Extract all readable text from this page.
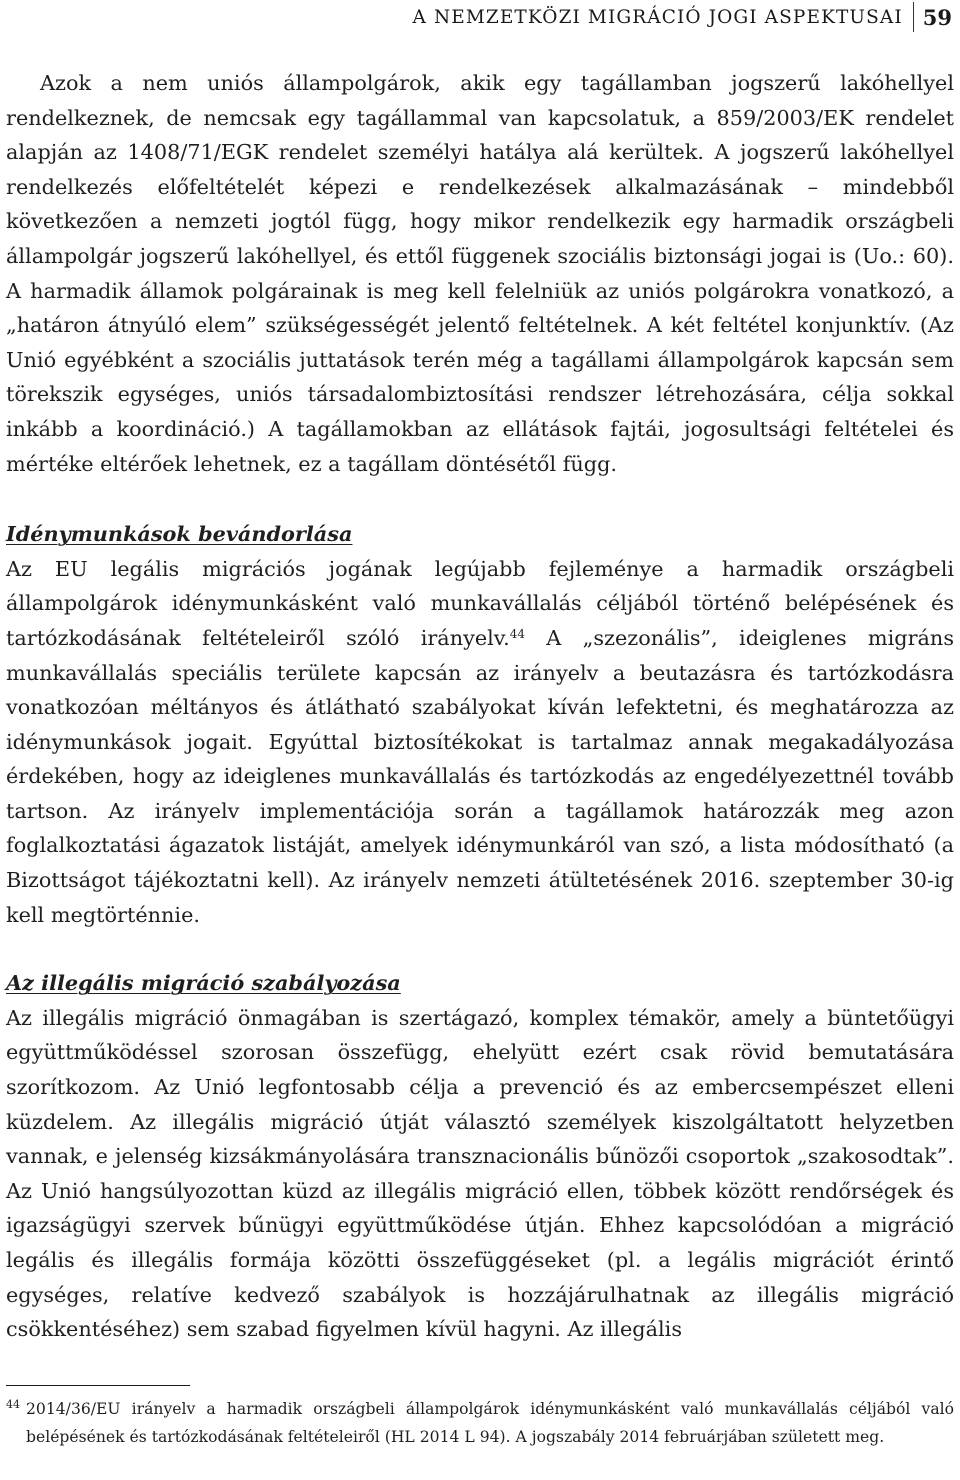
A NEMZETKÖZI MIGRÁCIÓ JOGI ASPEKTUSAI 59

Azok a nem uniós állampolgárok, akik egy tagállamban jogszerű lakóhellyel rendelkeznek, de nemcsak egy tagállammal van kapcsolatuk, a 859/2003/EK rendelet alapján az 1408/71/EGK rendelet személyi hatálya alá kerültek. A jogszerű lakóhellyel rendelkezés előfeltételét képezi e rendelkezések alkalmazásának – mindebből következően a nemzeti jogtól függ, hogy mikor rendelkezik egy harmadik országbeli állampolgár jogszerű lakóhellyel, és ettől függenek szociális biztonsági jogai is (Uo.: 60). A harmadik államok polgárainak is meg kell felelniük az uniós polgárokra vonatkozó, a „határon átnyúló elem” szükségességét jelentő feltételnek. A két feltétel konjunktív. (Az Unió egyébként a szociális juttatások terén még a tagállami állampolgárok kapcsán sem törekszik egységes, uniós társadalombiztosítási rendszer létrehozására, célja sokkal inkább a koordináció.) A tagállamokban az ellátások fajtái, jogosultsági feltételei és mértéke eltérőek lehetnek, ez a tagállam döntésétől függ.

Idénymunkások bevándorlása

Az EU legális migrációs jogának legújabb fejleménye a harmadik országbeli állampolgárok idénymunkásként való munkavállalás céljából történő belépésének és tartózkodásának feltételeiről szóló irányelv.$^{44}$ A „szezonális”, ideiglenes migráns munkavállalás speciális területe kapcsán az irányelv a beutazásra és tartózkodásra vonatkozóan méltányos és átlátható szabályokat kíván lefektetni, és meghatározza az idénymunkások jogait. Egyúttal biztosítékokat is tartalmaz annak megakadályozása érdekében, hogy az ideiglenes munkavállalás és tartózkodás az engedélyezettnél tovább tartson. Az irányelv implementációja során a tagállamok határozzák meg azon foglalkoztatási ágazatok listáját, amelyek idénymunkáról van szó, a lista módosítható (a Bizottságot tájékoztatni kell). Az irányelv nemzeti átültetésének 2016. szeptember 30-ig kell megtörténnie.

Az illegális migráció szabályozása

Az illegális migráció önmagában is szertágazó, komplex témakör, amely a büntetőügyi együttműködéssel szorosan összefügg, ehelyütt ezért csak rövid bemutatására szorítkozom. Az Unió legfontosabb célja a prevenció és az embercsempészet elleni küzdelem. Az illegális migráció útját választó személyek kiszolgáltatott helyzetben vannak, e jelenség kizsákmányolására transznacionális bűnözői csoportok „szakosodtak”. Az Unió hangsúlyozottan küzd az illegális migráció ellen, többek között rendőrségek és igazságügyi szervek bűnügyi együttműködése útján. Ehhez kapcsolódóan a migráció legális és illegális formája közötti összefüggéseket (pl. a legális migrációt érintő egységes, relatíve kedvező szabályok is hozzájárulhatnak az illegális migráció csökkentéséhez) sem szabad figyelmen kívül hagyni. Az illegális

44 2014/36/EU irányelv a harmadik országbeli állampolgárok idénymunkásként való munkavállalás céljából való belépésének és tartózkodásának feltételeiről (HL 2014 L 94). A jogszabály 2014 februárjában született meg.
